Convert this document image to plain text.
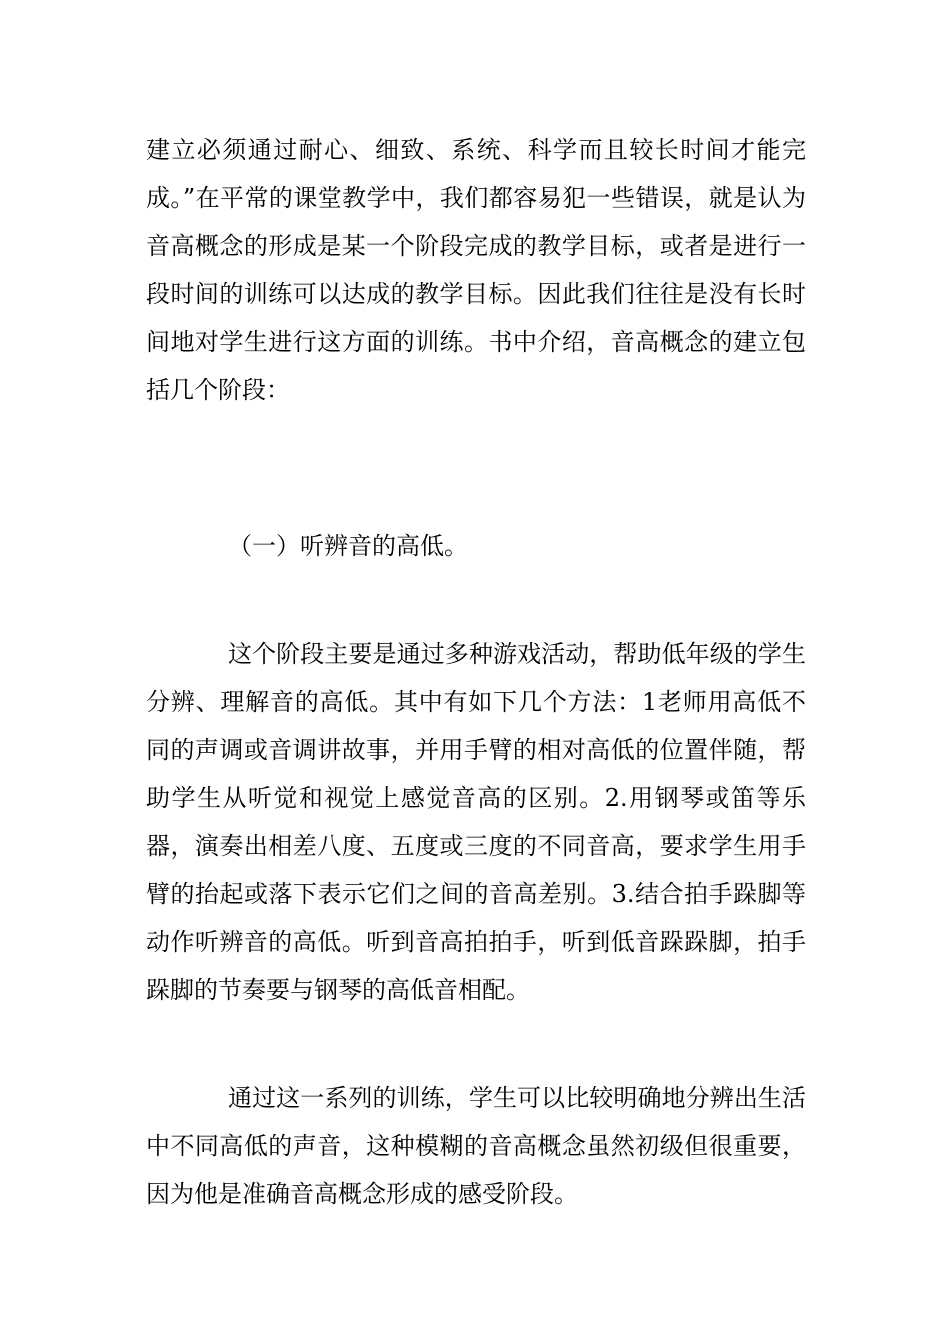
建立必须通过耐心、细致、系统、科学而且较长时间才能完成。”在平常的课堂教学中，我们都容易犯一些错误，就是认为音高概念的形成是某一个阶段完成的教学目标，或者是进行一段时间的训练可以达成的教学目标。因此我们往往是没有长时间地对学生进行这方面的训练。书中介绍，音高概念的建立包括几个阶段：

（一）听辨音的高低。

这个阶段主要是通过多种游戏活动，帮助低年级的学生分辨、理解音的高低。其中有如下几个方法：1老师用高低不同的声调或音调讲故事，并用手臂的相对高低的位置伴随，帮助学生从听觉和视觉上感觉音高的区别。2.用钢琴或笛等乐器，演奏出相差八度、五度或三度的不同音高，要求学生用手臂的抬起或落下表示它们之间的音高差别。3.结合拍手跺脚等动作听辨音的高低。听到音高拍拍手，听到低音跺跺脚，拍手跺脚的节奏要与钢琴的高低音相配。

通过这一系列的训练，学生可以比较明确地分辨出生活中不同高低的声音，这种模糊的音高概念虽然初级但很重要，因为他是准确音高概念形成的感受阶段。
